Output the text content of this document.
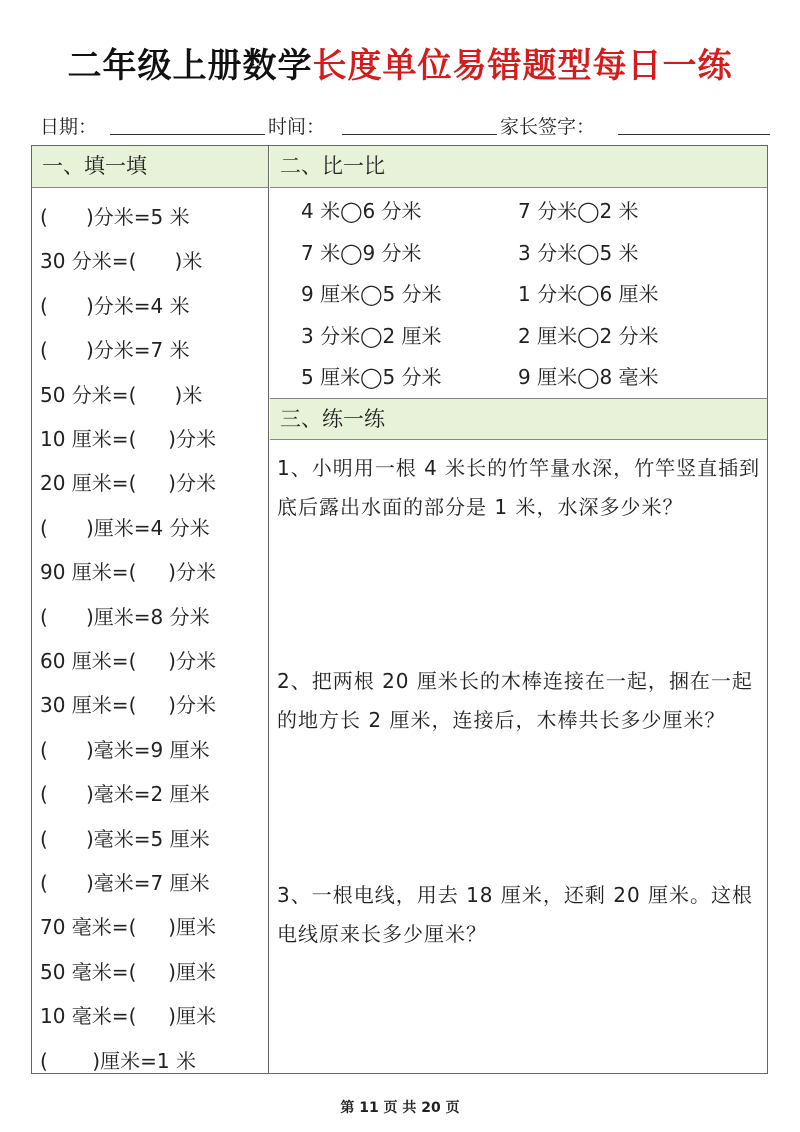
二年级上册数学长度单位易错题型每日一练
日期：	时间：	家长签字：
一、填一填	二、比一比
三、练一练
(      )分米=5 米
30 分米=(      )米
(      )分米=4 米
(      )分米=7 米
50 分米=(      )米
10 厘米=(     )分米
20 厘米=(     )分米
(      )厘米=4 分米
90 厘米=(     )分米
(      )厘米=8 分米
60 厘米=(     )分米
30 厘米=(     )分米
(      )毫米=9 厘米
(      )毫米=2 厘米
(      )毫米=5 厘米
(      )毫米=7 厘米
70 毫米=(     )厘米
50 毫米=(     )厘米
10 毫米=(     )厘米
(       )厘米=1 米
4 米◯6 分米	7 分米◯2 米
7 米◯9 分米	3 分米◯5 米
9 厘米◯5 分米	1 分米◯6 厘米
3 分米◯2 厘米	2 厘米◯2 分米
5 厘米◯5 分米	9 厘米◯8 毫米
1、小明用一根 4 米长的竹竿量水深，竹竿竖直插到底后露出水面的部分是 1 米，水深多少米？
2、把两根 20 厘米长的木棒连接在一起，捆在一起的地方长 2 厘米，连接后，木棒共长多少厘米？
3、一根电线，用去 18 厘米，还剩 20 厘米。这根电线原来长多少厘米？
第 11 页 共 20 页
